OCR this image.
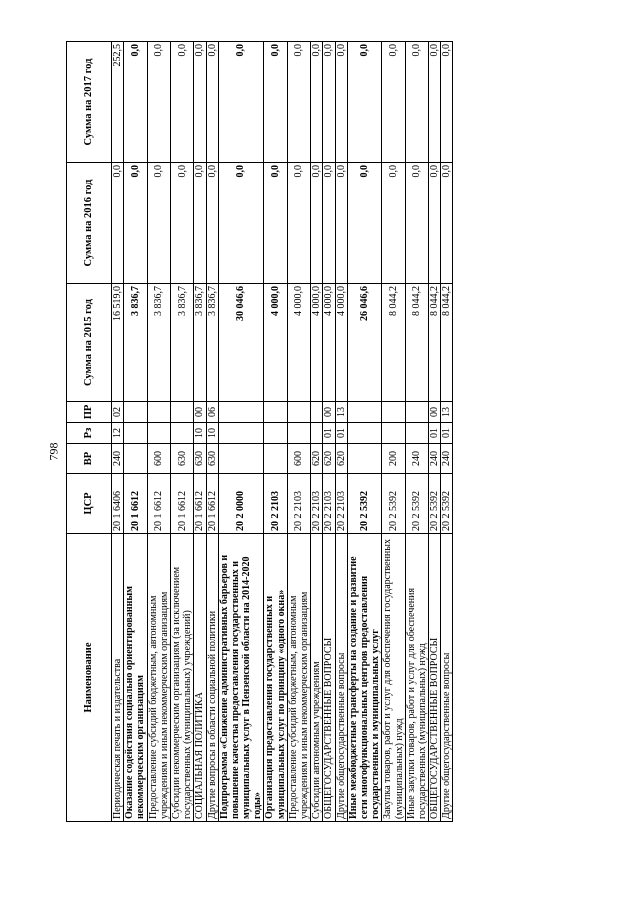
798
Наименование	ЦСР	ВР	Рз	ПР	Сумма на 2015 год	Сумма на 2016 год	Сумма на 2017 год
Периодическая печать и издательства	20 1 6406	240	12	02	16 519,0	0,0	252,5
Оказание содействия социально ориентированным некоммерческим организациям	20 1 6612				3 836,7	0,0	0,0
Предоставление субсидий бюджетным, автономным учреждениям и иным некоммерческим организациям	20 1 6612	600			3 836,7	0,0	0,0
Субсидии некоммерческим организациям (за исключением государственных (муниципальных) учреждений)	20 1 6612	630			3 836,7	0,0	0,0
СОЦИАЛЬНАЯ ПОЛИТИКА	20 1 6612	630	10	00	3 836,7	0,0	0,0
Другие вопросы в области социальной политики	20 1 6612	630	10	06	3 836,7	0,0	0,0
Подпрограмма «Снижение административных барьеров и повышение качества предоставления государственных и муниципальных услуг в Пензенской области на 2014-2020 годы»	20 2 0000				30 046,6	0,0	0,0
Организация предоставления государственных и муниципальных услуг по принципу «одного окна»	20 2 2103				4 000,0	0,0	0,0
Предоставление субсидий бюджетным, автономным учреждениям и иным некоммерческим организациям	20 2 2103	600			4 000,0	0,0	0,0
Субсидии автономным учреждениям	20 2 2103	620			4 000,0	0,0	0,0
ОБЩЕГОСУДАРСТВЕННЫЕ ВОПРОСЫ	20 2 2103	620	01	00	4 000,0	0,0	0,0
Другие общегосударственные вопросы	20 2 2103	620	01	13	4 000,0	0,0	0,0
Иные межбюджетные трансферты на создание и развитие сети многофункциональных центров предоставления государственных и муниципальных услуг	20 2 5392				26 046,6	0,0	0,0
Закупка товаров, работ и услуг для обеспечения государственных (муниципальных) нужд	20 2 5392	200			8 044,2	0,0	0,0
Иные закупки товаров, работ и услуг для обеспечения государственных (муниципальных) нужд	20 2 5392	240			8 044,2	0,0	0,0
ОБЩЕГОСУДАРСТВЕННЫЕ ВОПРОСЫ	20 2 5392	240	01	00	8 044,2	0,0	0,0
Другие общегосударственные вопросы	20 2 5392	240	01	13	8 044,2	0,0	0,0
